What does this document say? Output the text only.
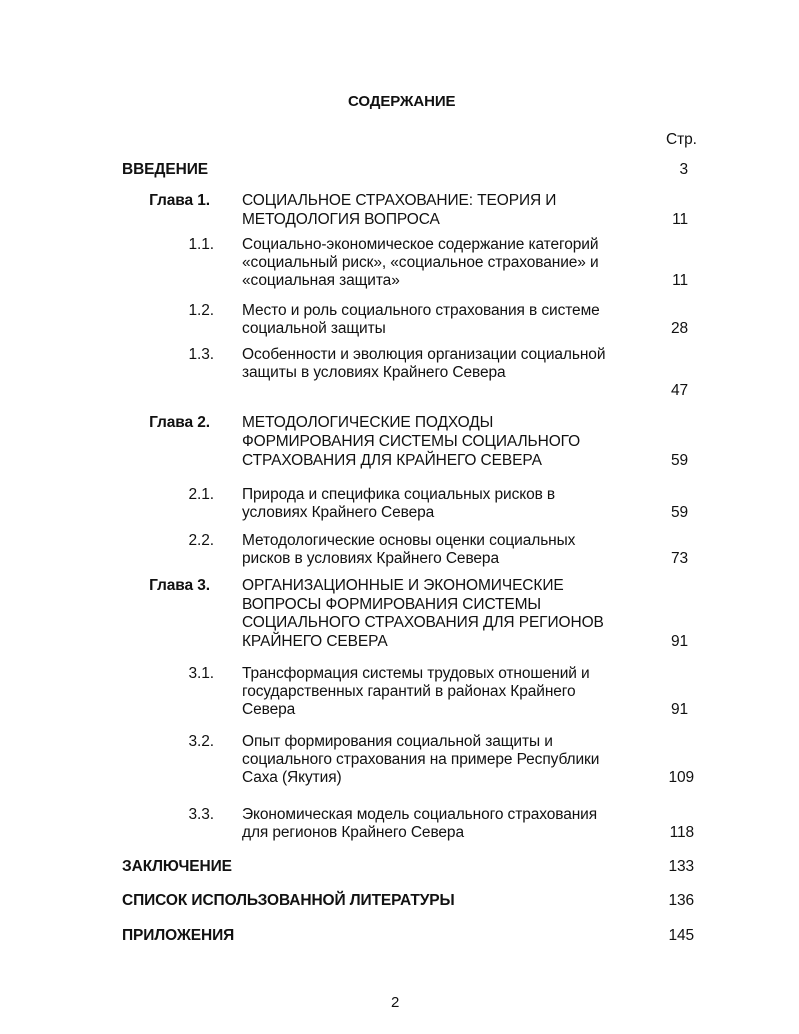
СОДЕРЖАНИЕ
Стр.
ВВЕДЕНИЕ	3
Глава 1. СОЦИАЛЬНОЕ СТРАХОВАНИЕ: ТЕОРИЯ И
МЕТОДОЛОГИЯ ВОПРОСА	11
1.1. Социально-экономическое содержание категорий
«социальный риск», «социальное страхование» и
«социальная защита»	11
1.2. Место и роль социального страхования в системе
социальной защиты	28
1.3. Особенности и эволюция организации социальной
защиты в условиях Крайнего Севера
47
Глава 2. МЕТОДОЛОГИЧЕСКИЕ ПОДХОДЫ
ФОРМИРОВАНИЯ СИСТЕМЫ СОЦИАЛЬНОГО
СТРАХОВАНИЯ ДЛЯ КРАЙНЕГО СЕВЕРА	59
2.1. Природа и специфика социальных рисков в
условиях Крайнего Севера	59
2.2. Методологические основы оценки социальных
рисков в условиях Крайнего Севера	73
Глава 3. ОРГАНИЗАЦИОННЫЕ И ЭКОНОМИЧЕСКИЕ
ВОПРОСЫ ФОРМИРОВАНИЯ СИСТЕМЫ
СОЦИАЛЬНОГО СТРАХОВАНИЯ ДЛЯ РЕГИОНОВ
КРАЙНЕГО СЕВЕРА	91
3.1. Трансформация системы трудовых отношений и
государственных гарантий в районах Крайнего
Севера	91
3.2. Опыт формирования социальной защиты и
социального страхования на примере Республики
Саха (Якутия)	109
3.3. Экономическая модель социального страхования
для регионов Крайнего Севера	118
ЗАКЛЮЧЕНИЕ	133
СПИСОК ИСПОЛЬЗОВАННОЙ ЛИТЕРАТУРЫ	136
ПРИЛОЖЕНИЯ	145
2
